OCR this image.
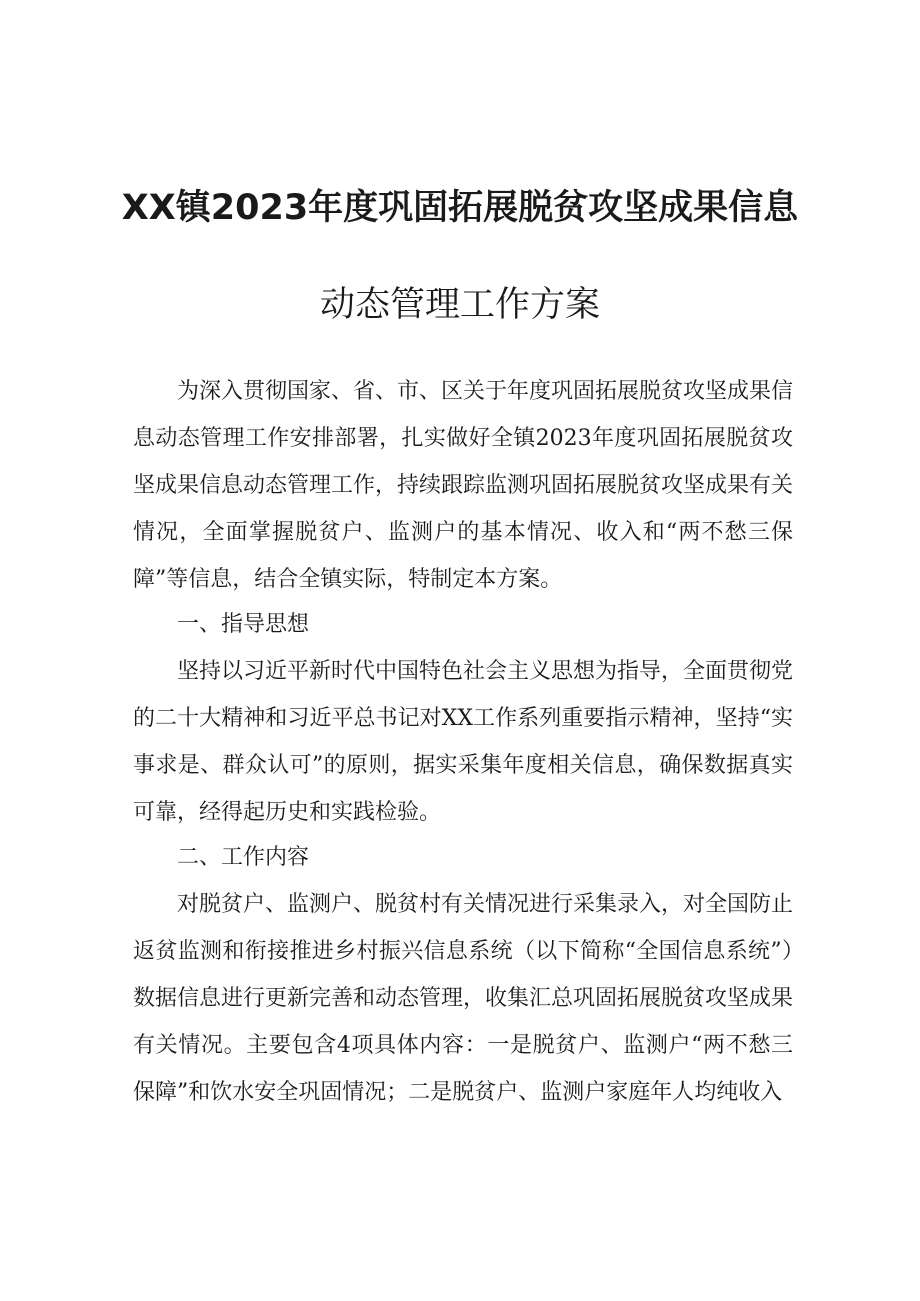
XX镇2023年度巩固拓展脱贫攻坚成果信息
动态管理工作方案

为深入贯彻国家、省、市、区关于年度巩固拓展脱贫攻坚成果信息动态管理工作安排部署，扎实做好全镇2023年度巩固拓展脱贫攻坚成果信息动态管理工作，持续跟踪监测巩固拓展脱贫攻坚成果有关情况，全面掌握脱贫户、监测户的基本情况、收入和“两不愁三保障”等信息，结合全镇实际，特制定本方案。

一、指导思想

坚持以习近平新时代中国特色社会主义思想为指导，全面贯彻党的二十大精神和习近平总书记对XX工作系列重要指示精神，坚持“实事求是、群众认可”的原则，据实采集年度相关信息，确保数据真实可靠，经得起历史和实践检验。

二、工作内容

对脱贫户、监测户、脱贫村有关情况进行采集录入，对全国防止返贫监测和衔接推进乡村振兴信息系统（以下简称“全国信息系统”）数据信息进行更新完善和动态管理，收集汇总巩固拓展脱贫攻坚成果有关情况。主要包含4项具体内容：一是脱贫户、监测户“两不愁三保障”和饮水安全巩固情况；二是脱贫户、监测户家庭年人均纯收入
